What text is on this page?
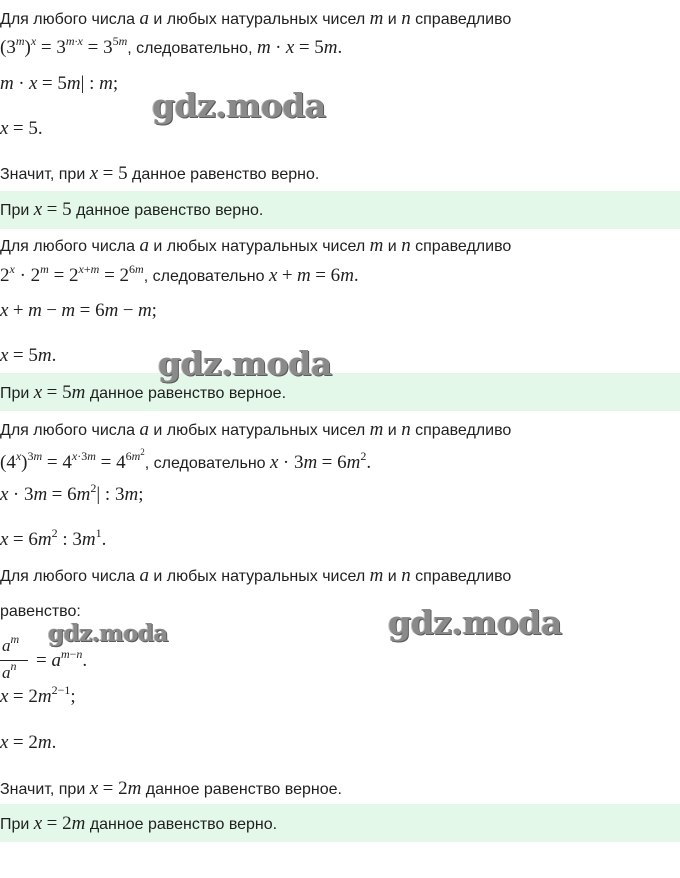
Для любого числа a и любых натуральных чисел m и n справедливо
$(3^m)^x = 3^{m\cdot x} = 3^{5m}$, следовательно, m · x = 5m.
m · x = 5m| : m;
x = 5.
Значит, при x = 5 данное равенство верно.
При x = 5 данное равенство верно.
gdz.moda
Для любого числа a и любых натуральных чисел m и n справедливо
$2^x \cdot 2^m = 2^{x+m} = 2^{6m}$, следовательно x + m = 6m.
x + m − m = 6m − m;
x = 5m.
При x = 5m данное равенство верное.
gdz.moda
Для любого числа a и любых натуральных чисел m и n справедливо
$(4^x)^{3m} = 4^{x\cdot 3m} = 4^{6m^2}$, следовательно $x \cdot 3m = 6m^2$.
$x \cdot 3m = 6m^2|$ : 3m;
$x = 6m^2$ : $3m^1$.
Для любого числа a и любых натуральных чисел m и n справедливо
равенство:
$a^m$
$a^n = a^{m-n}$.
$x = 2m^{2-1}$;
x = 2m.
Значит, при x = 2m данное равенство верное.
При x = 2m данное равенство верно.
gdz.moda	gdz.moda
